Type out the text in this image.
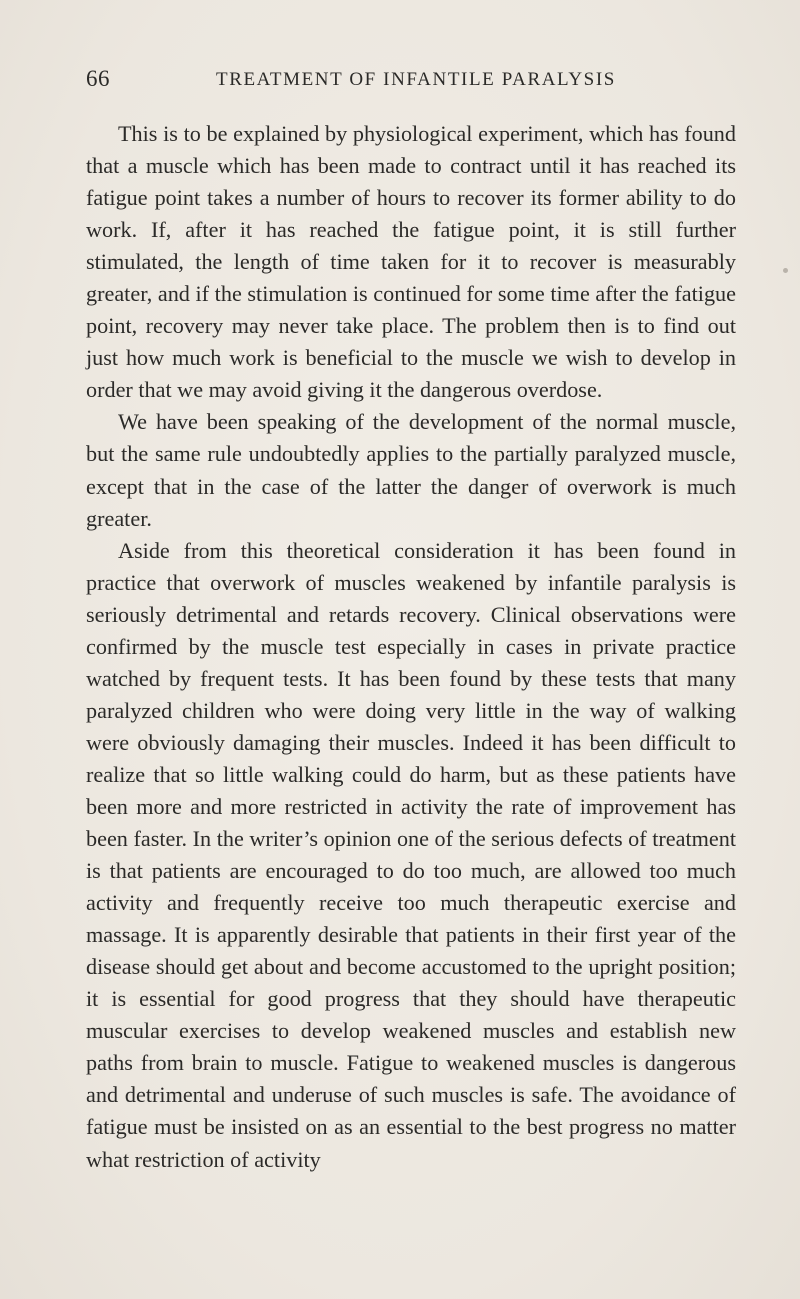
66	TREATMENT OF INFANTILE PARALYSIS

This is to be explained by physiological experiment, which has found that a muscle which has been made to contract until it has reached its fatigue point takes a number of hours to recover its former ability to do work. If, after it has reached the fatigue point, it is still further stimulated, the length of time taken for it to recover is measurably greater, and if the stimulation is continued for some time after the fatigue point, recovery may never take place. The problem then is to find out just how much work is beneficial to the muscle we wish to develop in order that we may avoid giving it the dangerous overdose.

We have been speaking of the development of the normal muscle, but the same rule undoubtedly applies to the partially paralyzed muscle, except that in the case of the latter the danger of overwork is much greater.

Aside from this theoretical consideration it has been found in practice that overwork of muscles weakened by infantile paralysis is seriously detrimental and retards recovery. Clinical observations were confirmed by the muscle test especially in cases in private practice watched by frequent tests. It has been found by these tests that many paralyzed children who were doing very little in the way of walking were obviously damaging their muscles. Indeed it has been difficult to realize that so little walking could do harm, but as these patients have been more and more restricted in activity the rate of improvement has been faster. In the writer’s opinion one of the serious defects of treatment is that patients are encouraged to do too much, are allowed too much activity and frequently receive too much therapeutic exercise and massage. It is apparently desirable that patients in their first year of the disease should get about and become accustomed to the upright position; it is essential for good progress that they should have therapeutic muscular exercises to develop weakened muscles and establish new paths from brain to muscle. Fatigue to weakened muscles is dangerous and detrimental and underuse of such muscles is safe. The avoidance of fatigue must be insisted on as an essential to the best progress no matter what restriction of activity
